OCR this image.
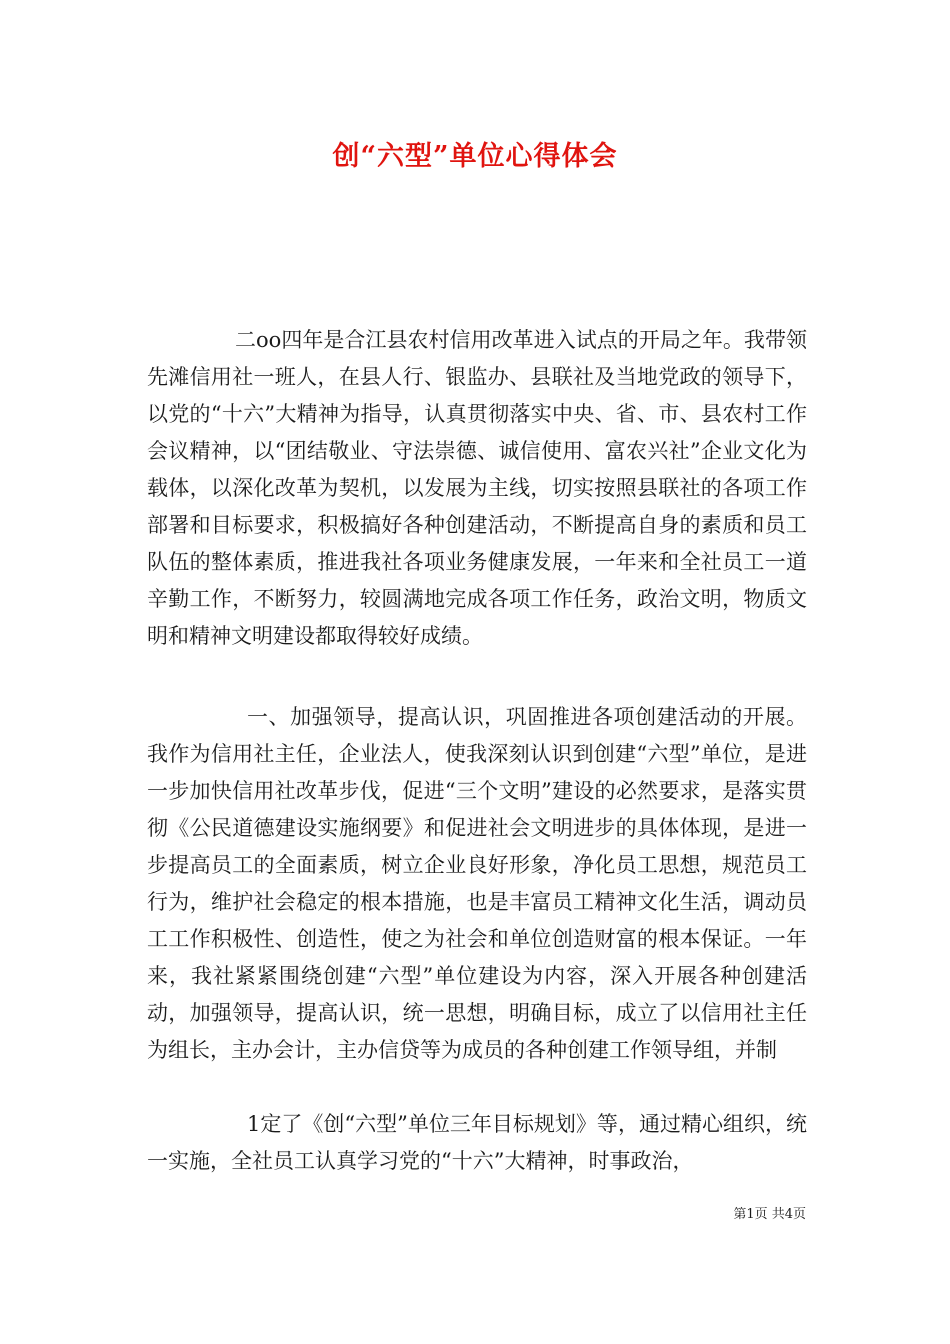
创“六型”单位心得体会

二oo四年是合江县农村信用改革进入试点的开局之年。我带领先滩信用社一班人，在县人行、银监办、县联社及当地党政的领导下，以党的“十六”大精神为指导，认真贯彻落实中央、省、市、县农村工作会议精神，以“团结敬业、守法崇德、诚信使用、富农兴社”企业文化为载体，以深化改革为契机，以发展为主线，切实按照县联社的各项工作部署和目标要求，积极搞好各种创建活动，不断提高自身的素质和员工队伍的整体素质，推进我社各项业务健康发展，一年来和全社员工一道辛勤工作，不断努力，较圆满地完成各项工作任务，政治文明，物质文明和精神文明建设都取得较好成绩。

一、加强领导，提高认识，巩固推进各项创建活动的开展。我作为信用社主任，企业法人，使我深刻认识到创建“六型”单位，是进一步加快信用社改革步伐，促进“三个文明”建设的必然要求，是落实贯彻《公民道德建设实施纲要》和促进社会文明进步的具体体现，是进一步提高员工的全面素质，树立企业良好形象，净化员工思想，规范员工行为，维护社会稳定的根本措施，也是丰富员工精神文化生活，调动员工工作积极性、创造性，使之为社会和单位创造财富的根本保证。一年来，我社紧紧围绕创建“六型”单位建设为内容，深入开展各种创建活动，加强领导，提高认识，统一思想，明确目标，成立了以信用社主任为组长，主办会计，主办信贷等为成员的各种创建工作领导组，并制

1定了《创“六型”单位三年目标规划》等，通过精心组织，统一实施，全社员工认真学习党的“十六”大精神，时事政治，

第1页 共4页
